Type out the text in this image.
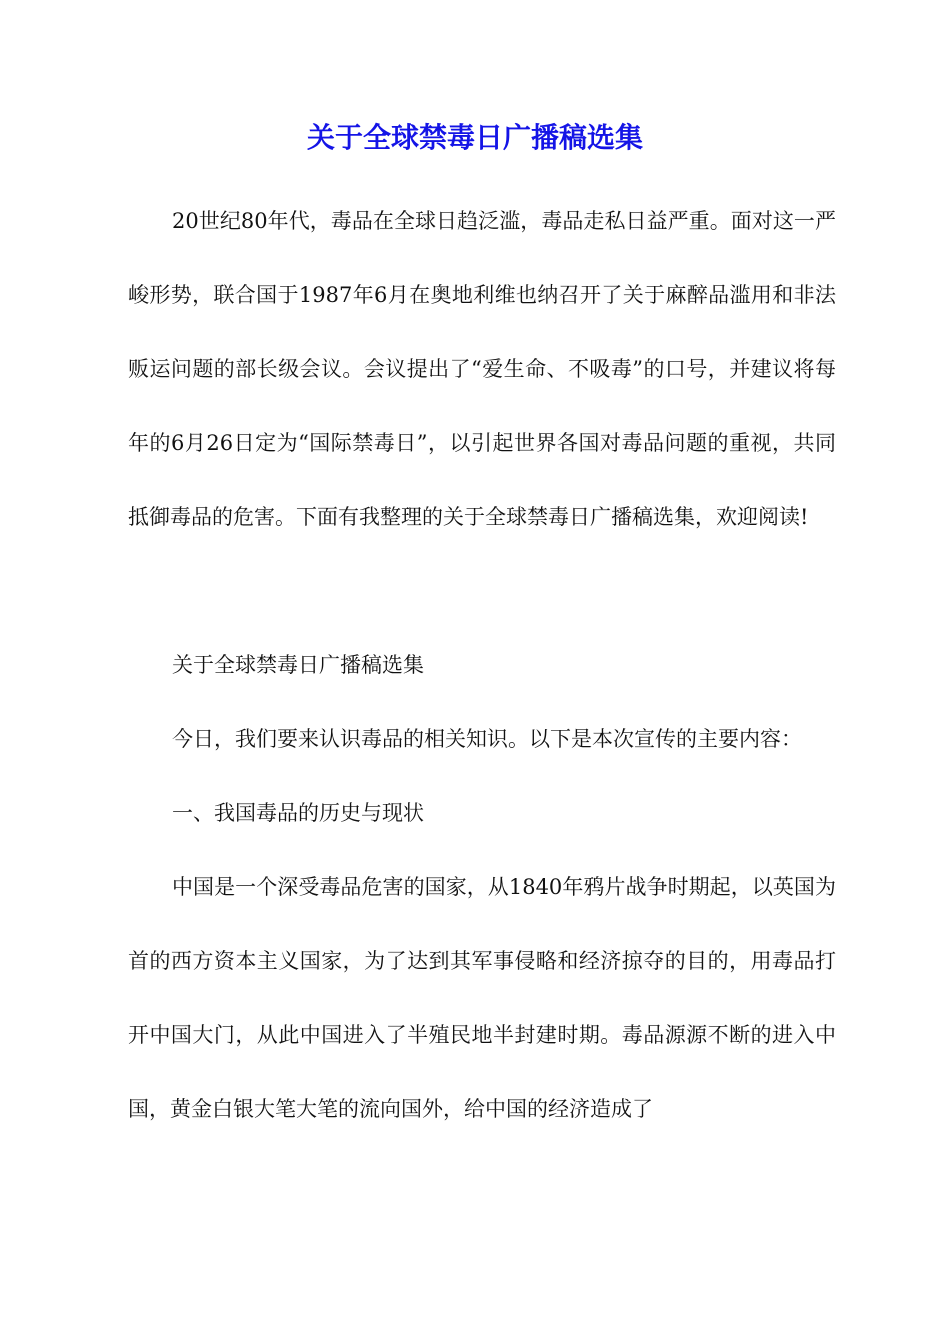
关于全球禁毒日广播稿选集

20世纪80年代，毒品在全球日趋泛滥，毒品走私日益严重。面对这一严峻形势，联合国于1987年6月在奥地利维也纳召开了关于麻醉品滥用和非法贩运问题的部长级会议。会议提出了“爱生命、不吸毒”的口号，并建议将每年的6月26日定为“国际禁毒日”，以引起世界各国对毒品问题的重视，共同抵御毒品的危害。下面有我整理的关于全球禁毒日广播稿选集，欢迎阅读!

关于全球禁毒日广播稿选集

今日，我们要来认识毒品的相关知识。以下是本次宣传的主要内容：

一、我国毒品的历史与现状

中国是一个深受毒品危害的国家，从1840年鸦片战争时期起，以英国为首的西方资本主义国家，为了达到其军事侵略和经济掠夺的目的，用毒品打开中国大门，从此中国进入了半殖民地半封建时期。毒品源源不断的进入中国，黄金白银大笔大笔的流向国外，给中国的经济造成了
